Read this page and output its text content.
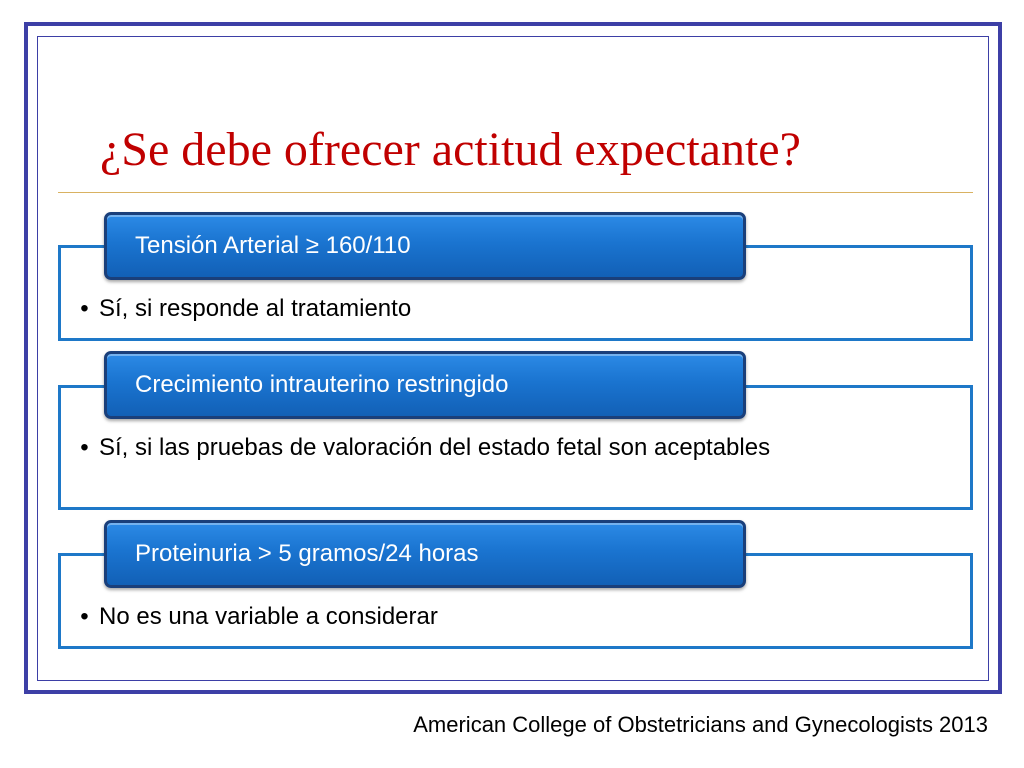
¿Se debe ofrecer actitud expectante?
• Sí, si responde al tratamiento
Tensión Arterial ≥ 160/110
• Sí, si las pruebas de valoración del estado fetal son aceptables
Crecimiento intrauterino restringido
• No es una variable a considerar
Proteinuria > 5 gramos/24 horas
American College of Obstetricians and Gynecologists 2013
